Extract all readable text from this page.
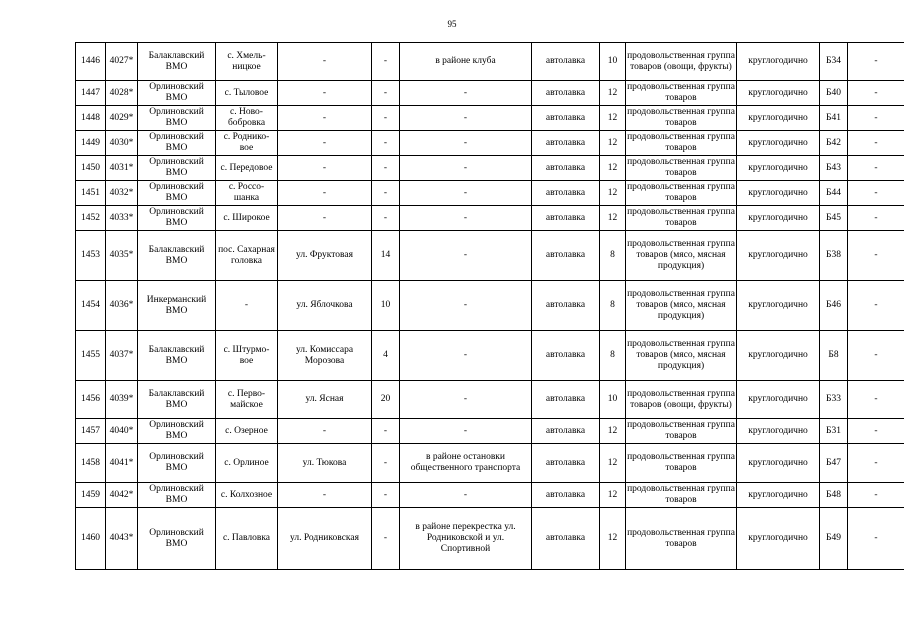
95
1446	4027*	Балаклавский ВМО	с. Хмель-ницкое	-	-	в районе клуба	автолавка	10	продовольственная группа товаров (овощи, фрукты)	круглогодично	Б34	-
1447	4028*	Орлиновский ВМО	с. Тыловое	-	-	-	автолавка	12	продовольственная группа товаров	круглогодично	Б40	-
1448	4029*	Орлиновский ВМО	с. Ново-бобровка	-	-	-	автолавка	12	продовольственная группа товаров	круглогодично	Б41	-
1449	4030*	Орлиновский ВМО	с. Роднико-вое	-	-	-	автолавка	12	продовольственная группа товаров	круглогодично	Б42	-
1450	4031*	Орлиновский ВМО	с. Передовое	-	-	-	автолавка	12	продовольственная группа товаров	круглогодично	Б43	-
1451	4032*	Орлиновский ВМО	с. Россо-шанка	-	-	-	автолавка	12	продовольственная группа товаров	круглогодично	Б44	-
1452	4033*	Орлиновский ВМО	с. Широкое	-	-	-	автолавка	12	продовольственная группа товаров	круглогодично	Б45	-
1453	4035*	Балаклавский ВМО	пос. Сахарная головка	ул. Фруктовая	14	-	автолавка	8	продовольственная группа товаров (мясо, мясная продукция)	круглогодично	Б38	-
1454	4036*	Инкерманский ВМО	-	ул. Яблочкова	10	-	автолавка	8	продовольственная группа товаров (мясо, мясная продукция)	круглогодично	Б46	-
1455	4037*	Балаклавский ВМО	с. Штурмо-вое	ул. Комиссара Морозова	4	-	автолавка	8	продовольственная группа товаров (мясо, мясная продукция)	круглогодично	Б8	-
1456	4039*	Балаклавский ВМО	с. Перво-майское	ул. Ясная	20	-	автолавка	10	продовольственная группа товаров (овощи, фрукты)	круглогодично	Б33	-
1457	4040*	Орлиновский ВМО	с. Озерное	-	-	-	автолавка	12	продовольственная группа товаров	круглогодично	Б31	-
1458	4041*	Орлиновский ВМО	с. Орлиное	ул. Тюкова	-	в районе остановки общественного транспорта	автолавка	12	продовольственная группа товаров	круглогодично	Б47	-
1459	4042*	Орлиновский ВМО	с. Колхозное	-	-	-	автолавка	12	продовольственная группа товаров	круглогодично	Б48	-
1460	4043*	Орлиновский ВМО	с. Павловка	ул. Родниковская	-	в районе перекрестка ул. Родниковской и ул. Спортивной	автолавка	12	продовольственная группа товаров	круглогодично	Б49	-
